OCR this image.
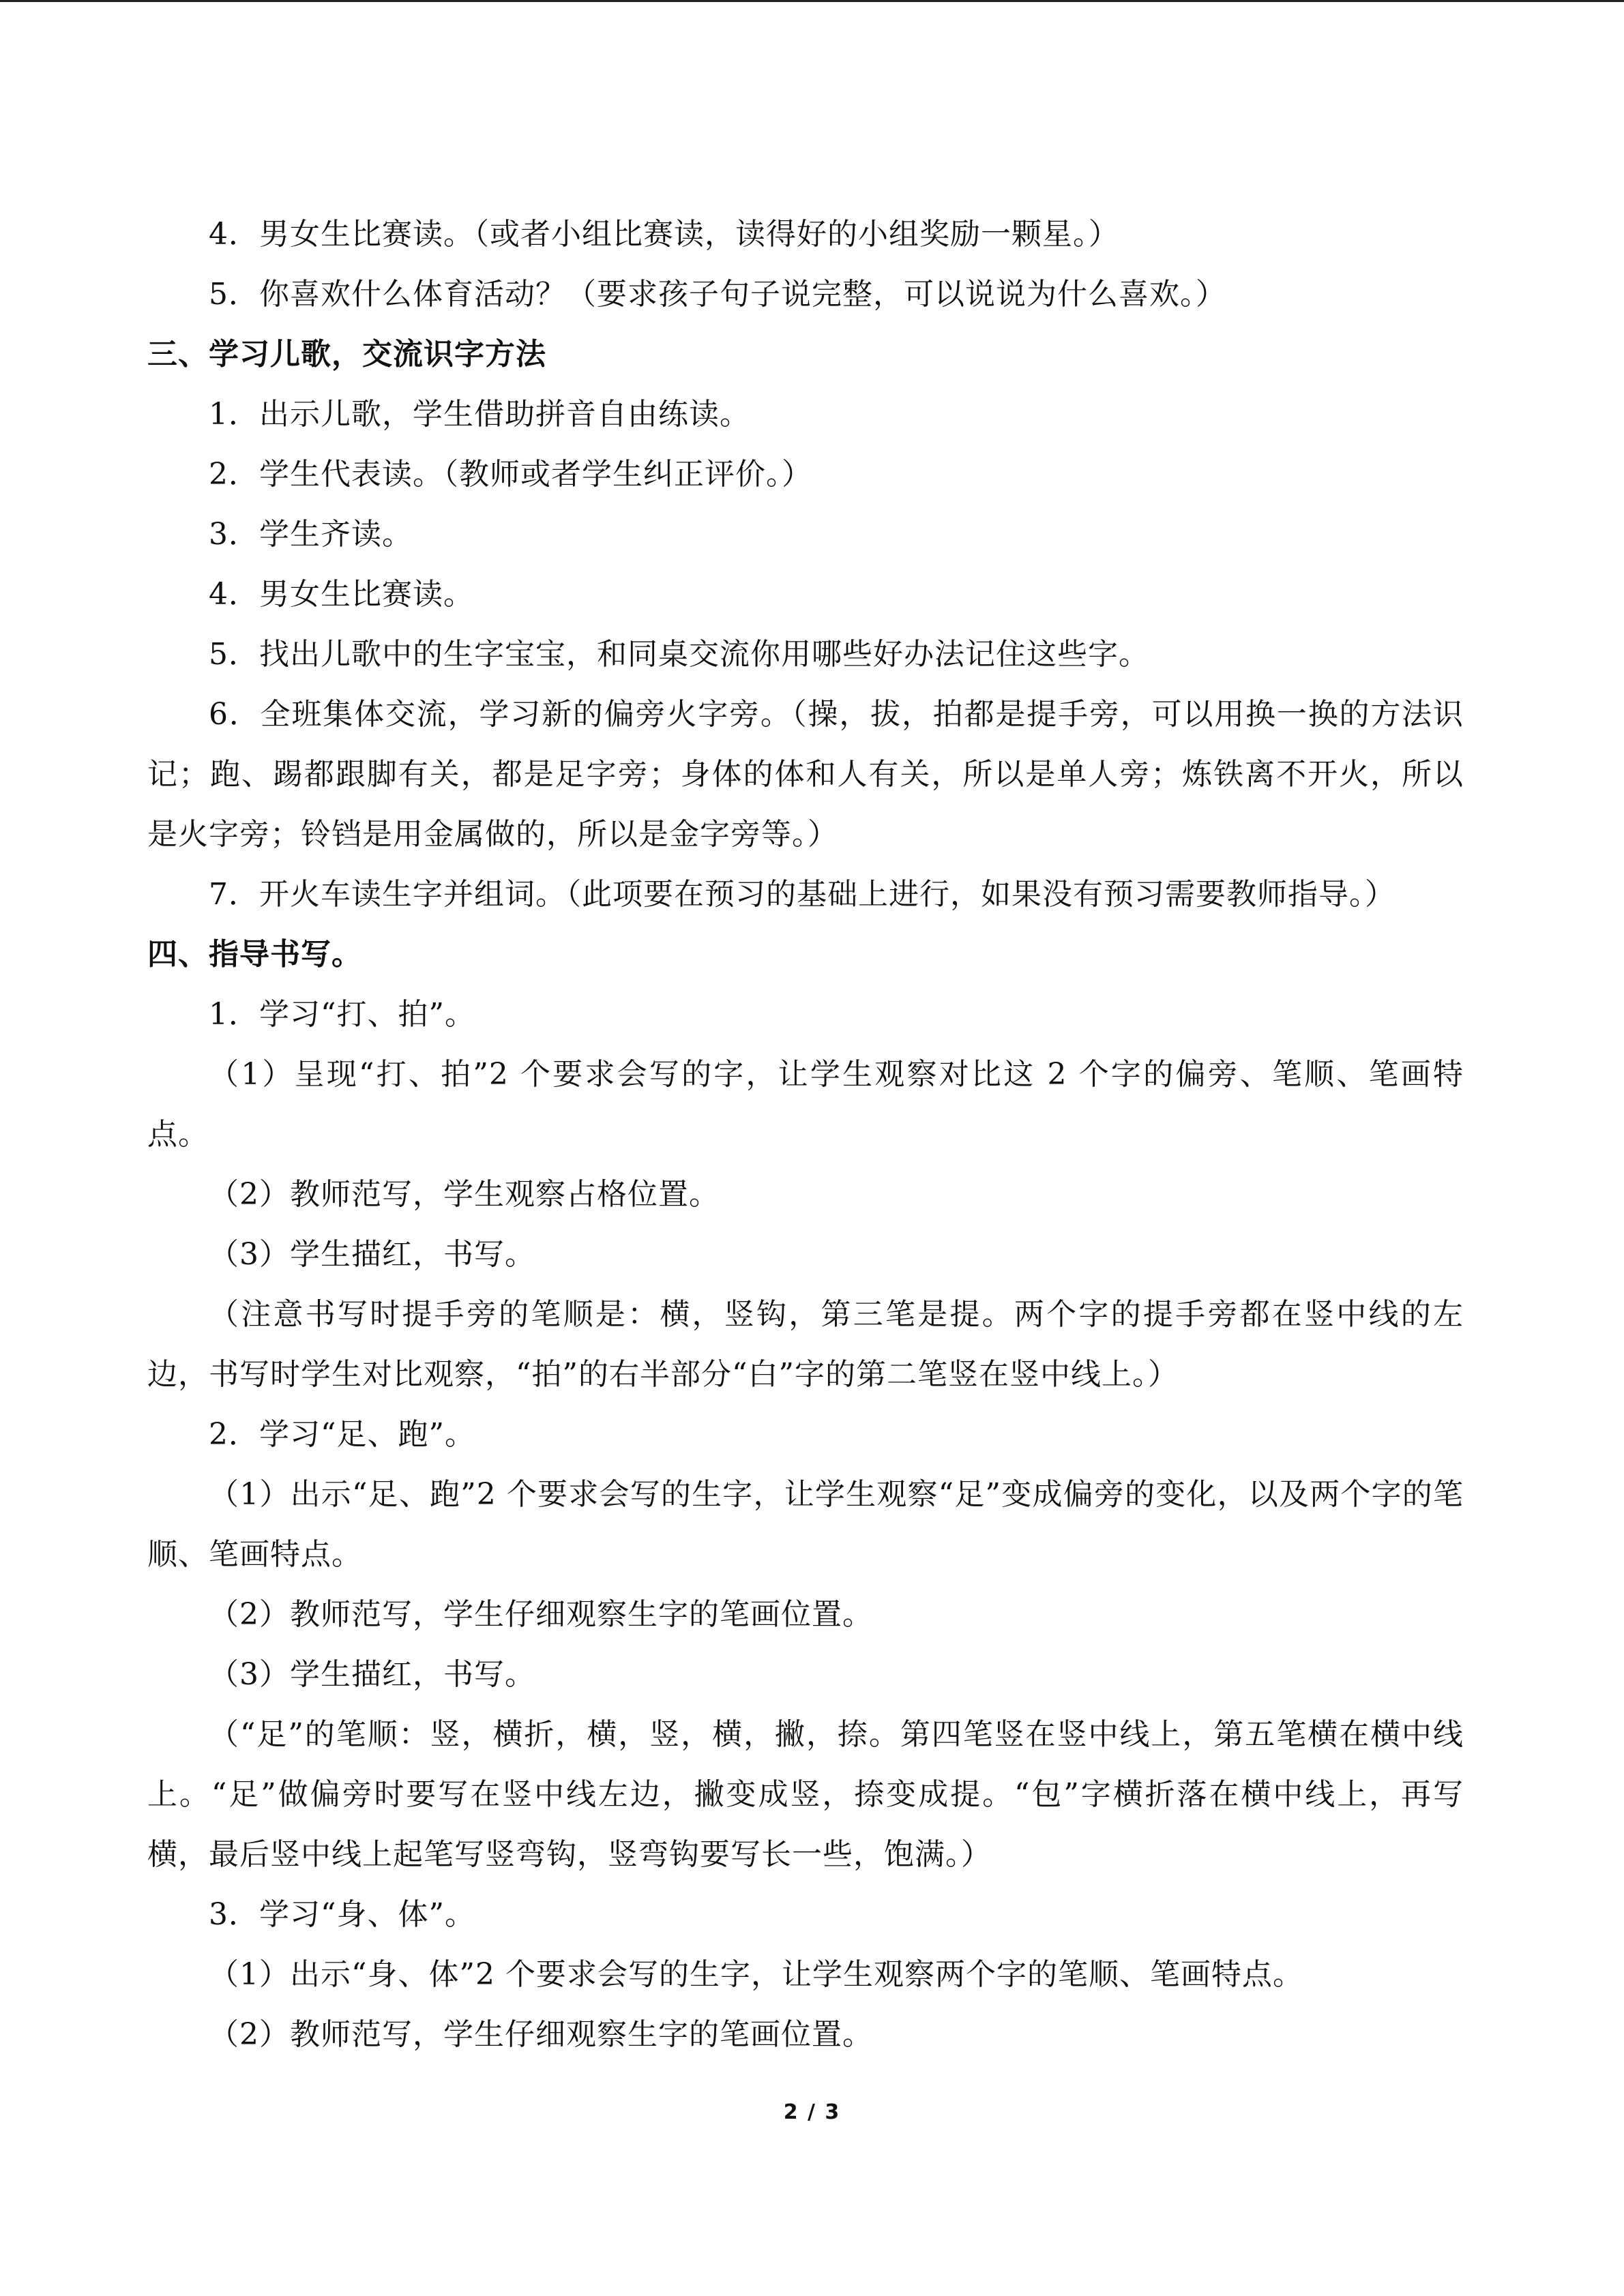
4．男女生比赛读。（或者小组比赛读，读得好的小组奖励一颗星。）

5．你喜欢什么体育活动？（要求孩子句子说完整，可以说说为什么喜欢。）

三、学习儿歌，交流识字方法

1．出示儿歌，学生借助拼音自由练读。

2．学生代表读。（教师或者学生纠正评价。）

3．学生齐读。

4．男女生比赛读。

5．找出儿歌中的生字宝宝，和同桌交流你用哪些好办法记住这些字。

6．全班集体交流，学习新的偏旁火字旁。（操，拔，拍都是提手旁，可以用换一换的方法识记；跑、踢都跟脚有关，都是足字旁；身体的体和人有关，所以是单人旁；炼铁离不开火，所以是火字旁；铃铛是用金属做的，所以是金字旁等。）

7．开火车读生字并组词。（此项要在预习的基础上进行，如果没有预习需要教师指导。）

四、指导书写。

1．学习“打、拍”。

（1）呈现“打、拍”2 个要求会写的字，让学生观察对比这 2 个字的偏旁、笔顺、笔画特点。

（2）教师范写，学生观察占格位置。

（3）学生描红，书写。

（注意书写时提手旁的笔顺是：横，竖钩，第三笔是提。两个字的提手旁都在竖中线的左边，书写时学生对比观察，“拍”的右半部分“白”字的第二笔竖在竖中线上。）

2．学习“足、跑”。

（1）出示“足、跑”2 个要求会写的生字，让学生观察“足”变成偏旁的变化，以及两个字的笔顺、笔画特点。

（2）教师范写，学生仔细观察生字的笔画位置。

（3）学生描红，书写。

（“足”的笔顺：竖，横折，横，竖，横，撇，捺。第四笔竖在竖中线上，第五笔横在横中线上。“足”做偏旁时要写在竖中线左边，撇变成竖，捺变成提。“包”字横折落在横中线上，再写横，最后竖中线上起笔写竖弯钩，竖弯钩要写长一些，饱满。）

3．学习“身、体”。

（1）出示“身、体”2 个要求会写的生字，让学生观察两个字的笔顺、笔画特点。

（2）教师范写，学生仔细观察生字的笔画位置。

2 / 3
